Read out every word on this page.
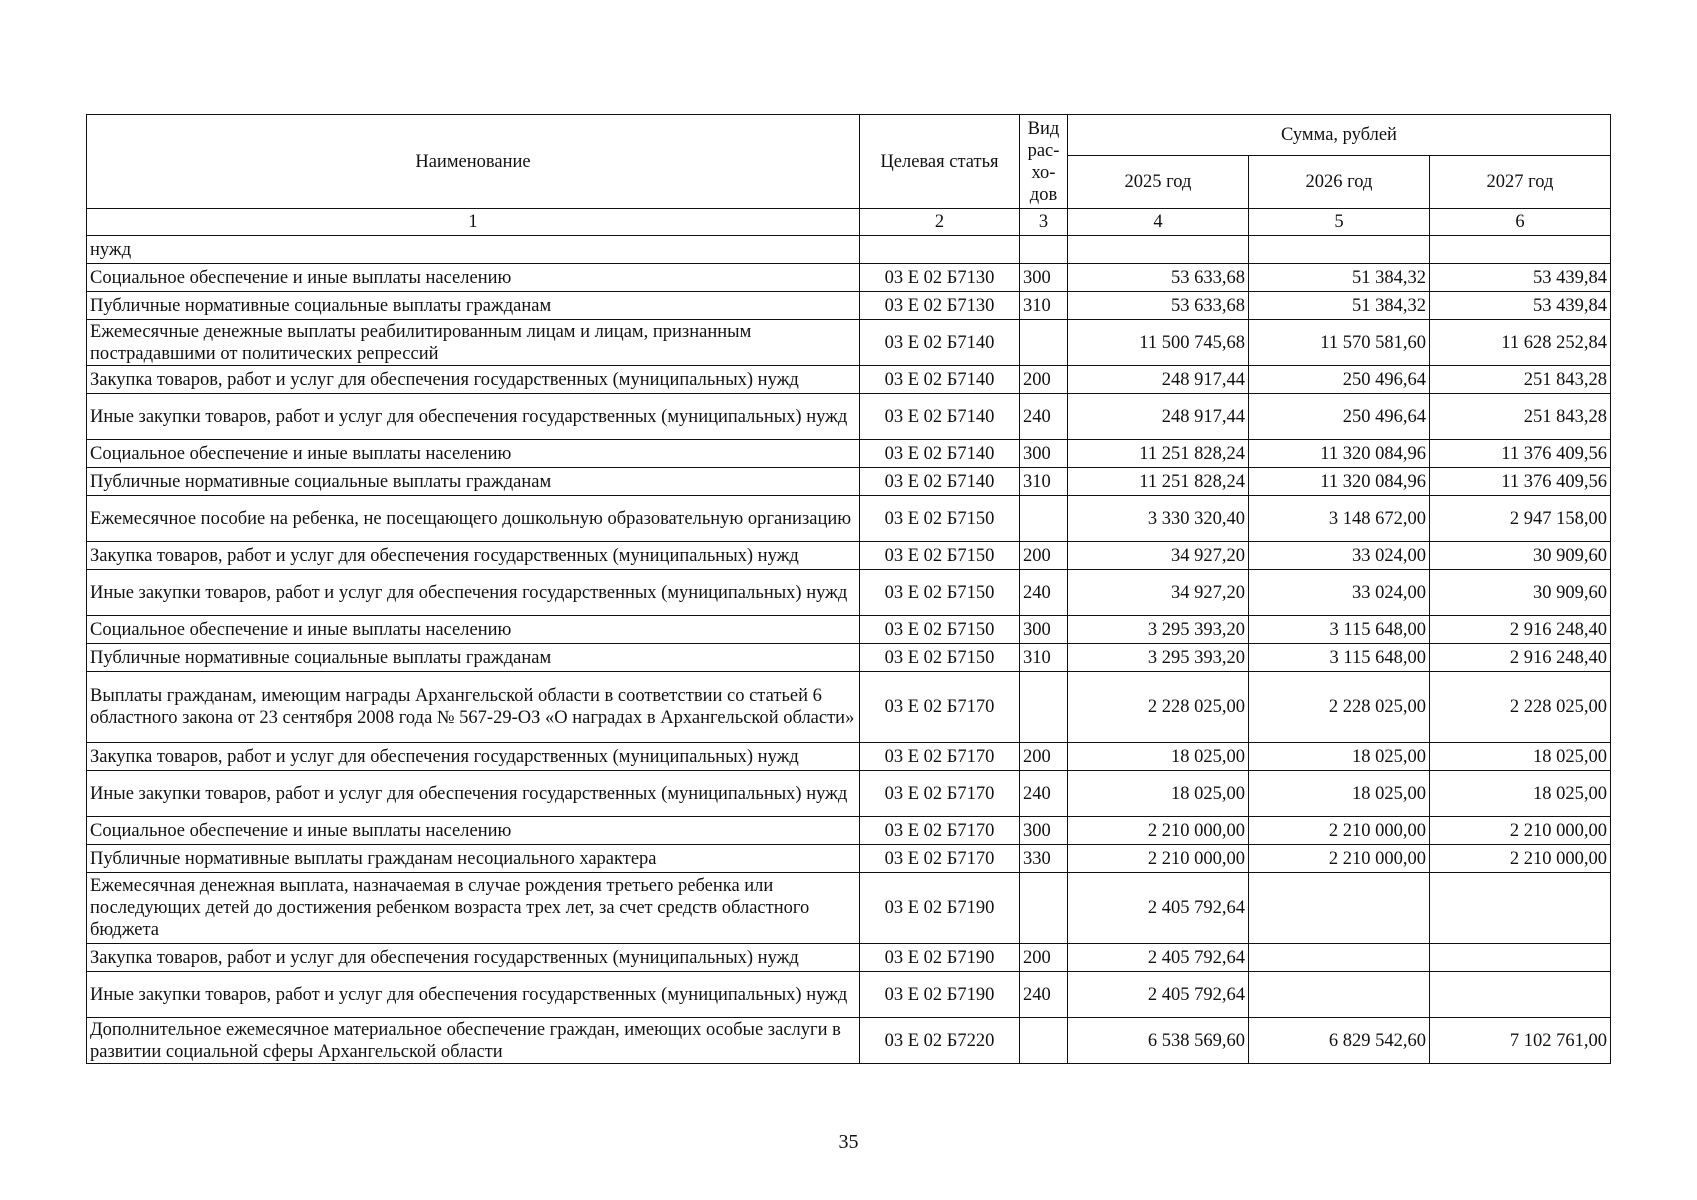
Наименование	Целевая статья	Вид
рас-
хо-
дов	Сумма, рублей		
			2025 год	2026 год	2027 год
1	2	3	4	5	6
нужд					
Социальное обеспечение и иные выплаты населению	03 Е 02 Б7130	300	53 633,68	51 384,32	53 439,84
Публичные нормативные социальные выплаты гражданам	03 Е 02 Б7130	310	53 633,68	51 384,32	53 439,84
Ежемесячные денежные выплаты реабилитированным лицам и лицам, признанным пострадавшими от политических репрессий	03 Е 02 Б7140		11 500 745,68	11 570 581,60	11 628 252,84
Закупка товаров, работ и услуг для обеспечения государственных (муниципальных) нужд	03 Е 02 Б7140	200	248 917,44	250 496,64	251 843,28
Иные закупки товаров, работ и услуг для обеспечения государственных (муниципальных) нужд	03 Е 02 Б7140	240	248 917,44	250 496,64	251 843,28
Социальное обеспечение и иные выплаты населению	03 Е 02 Б7140	300	11 251 828,24	11 320 084,96	11 376 409,56
Публичные нормативные социальные выплаты гражданам	03 Е 02 Б7140	310	11 251 828,24	11 320 084,96	11 376 409,56
Ежемесячное пособие на ребенка, не посещающего дошкольную образовательную организацию	03 Е 02 Б7150		3 330 320,40	3 148 672,00	2 947 158,00
Закупка товаров, работ и услуг для обеспечения государственных (муниципальных) нужд	03 Е 02 Б7150	200	34 927,20	33 024,00	30 909,60
Иные закупки товаров, работ и услуг для обеспечения государственных (муниципальных) нужд	03 Е 02 Б7150	240	34 927,20	33 024,00	30 909,60
Социальное обеспечение и иные выплаты населению	03 Е 02 Б7150	300	3 295 393,20	3 115 648,00	2 916 248,40
Публичные нормативные социальные выплаты гражданам	03 Е 02 Б7150	310	3 295 393,20	3 115 648,00	2 916 248,40
Выплаты гражданам, имеющим награды Архангельской области в соответствии со статьей 6 областного закона от 23 сентября 2008 года № 567-29-ОЗ «О наградах в Архангельской области»	03 Е 02 Б7170		2 228 025,00	2 228 025,00	2 228 025,00
Закупка товаров, работ и услуг для обеспечения государственных (муниципальных) нужд	03 Е 02 Б7170	200	18 025,00	18 025,00	18 025,00
Иные закупки товаров, работ и услуг для обеспечения государственных (муниципальных) нужд	03 Е 02 Б7170	240	18 025,00	18 025,00	18 025,00
Социальное обеспечение и иные выплаты населению	03 Е 02 Б7170	300	2 210 000,00	2 210 000,00	2 210 000,00
Публичные нормативные выплаты гражданам несоциального характера	03 Е 02 Б7170	330	2 210 000,00	2 210 000,00	2 210 000,00
Ежемесячная денежная выплата, назначаемая в случае рождения третьего ребенка или последующих детей до достижения ребенком возраста трех лет, за счет средств областного бюджета	03 Е 02 Б7190		2 405 792,64		
Закупка товаров, работ и услуг для обеспечения государственных (муниципальных) нужд	03 Е 02 Б7190	200	2 405 792,64		
Иные закупки товаров, работ и услуг для обеспечения государственных (муниципальных) нужд	03 Е 02 Б7190	240	2 405 792,64		
Дополнительное ежемесячное материальное обеспечение граждан, имеющих особые заслуги в развитии социальной сферы Архангельской области	03 Е 02 Б7220		6 538 569,60	6 829 542,60	7 102 761,00
35
